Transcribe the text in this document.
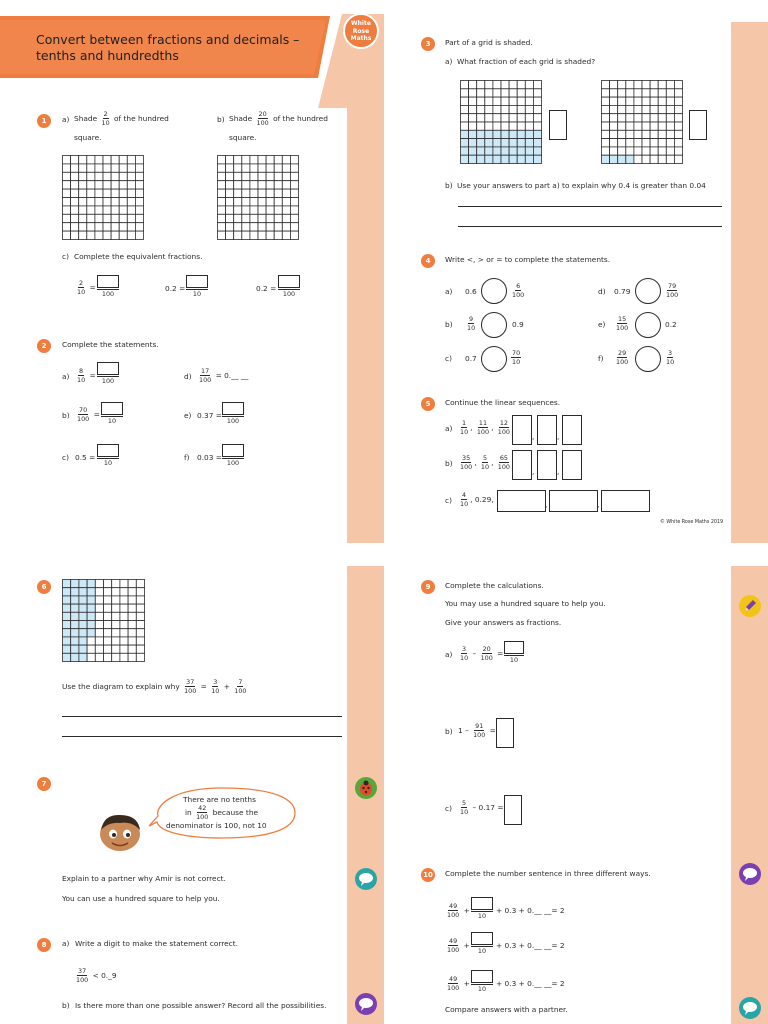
Convert between fractions and decimals –
tenths and hundredths
White
Rose
Maths
1	a) Shade $\frac{2}{10}$ of the hundred
square.
b) Shade $\frac{20}{100}$ of the hundred
square.
c) Complete the equivalent fractions.
$\frac{2}{10}$ =
100
0.2 =
10
0.2 =
100
2	Complete the statements.
$a) \frac{8}{10}$ =
100
$b) \frac{70}{100}$ =
10
c) 0.5 =
10
$d) \frac{17}{100}$ = 0.__ __
e) 0.37 =
100
f) 0.03 =
100
3	Part of a grid is shaded.
a) What fraction of each grid is shaded?
b) Use your answers to part a) to explain why 0.4 is greater than 0.04
4	Write <, > or = to complete the statements.
a) 0.6	$\frac{6}{100}$
$b) \frac{9}{10}$	0.9
c) 0.7	$\frac{70}{10}$
d) 0.79	$\frac{79}{100}$
$e) \frac{15}{100}$	0.2
$f) \frac{29}{100}$	$\frac{3}{10}$
5	Continue the linear sequences.
$a) \frac{1}{10}$ , $\frac{11}{100}$ , $\frac{12}{100}$
,	,
$b) \frac{35}{100}$ , $\frac{5}{10}$ , $\frac{65}{100}$
,	,
$c) \frac{4}{10}$ , 0.29,
,	,
© White Rose Maths 2019
6
Use the diagram to explain why $\frac{37}{100} = \frac{3}{10} + \frac{7}{100}$
7
There are no tenths
in $\frac{42}{100}$ because the
denominator is 100, not 10
Explain to a partner why Amir is not correct.
You can use a hundred square to help you.
8	a) Write a digit to make the statement correct.
$\frac{37}{100}$ < 0._9
b) Is there more than one possible answer? Record all the possibilities.
9	Complete the calculations.
You may use a hundred square to help you.
Give your answers as fractions.
$a) \frac{3}{10} - \frac{20}{100}$ =
10
b) $1 - \frac{91}{100}$ =
$c) \frac{5}{10} - 0.17$ =
10 Complete the number sentence in three different ways.
$\frac{49}{100}$ +
10
+ 0.3 + 0.__ __= 2
$\frac{49}{100}$ +
10
+ 0.3 + 0.__ __= 2
$\frac{49}{100}$ +
10
+ 0.3 + 0.__ __= 2
Compare answers with a partner.
